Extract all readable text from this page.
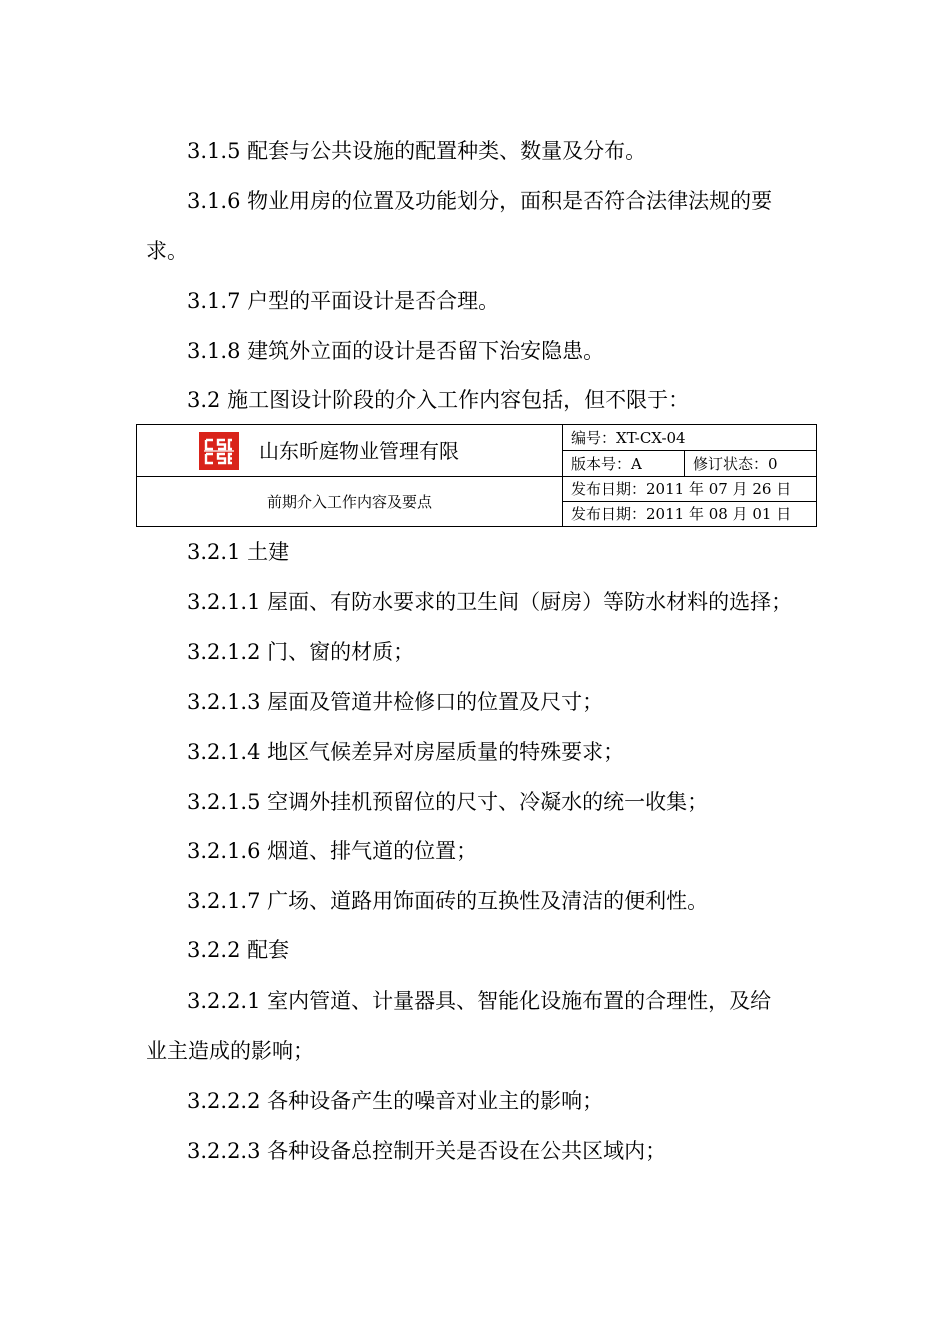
3.1.5 配套与公共设施的配置种类、数量及分布。
3.1.6 物业用房的位置及功能划分，面积是否符合法律法规的要
求。
3.1.7 户型的平面设计是否合理。
3.1.8 建筑外立面的设计是否留下治安隐患。
3.2 施工图设计阶段的介入工作内容包括，但不限于：
山东昕庭物业管理有限	编号：XT-CX-04	
	版本号：A	修订状态：0
前期介入工作内容及要点	发布日期：2011 年 07 月 26 日	
	发布日期：2011 年 08 月 01 日	
3.2.1 土建
3.2.1.1 屋面、有防水要求的卫生间（厨房）等防水材料的选择；
3.2.1.2 门、窗的材质；
3.2.1.3 屋面及管道井检修口的位置及尺寸；
3.2.1.4 地区气候差异对房屋质量的特殊要求；
3.2.1.5 空调外挂机预留位的尺寸、冷凝水的统一收集；
3.2.1.6 烟道、排气道的位置；
3.2.1.7 广场、道路用饰面砖的互换性及清洁的便利性。
3.2.2 配套
3.2.2.1 室内管道、计量器具、智能化设施布置的合理性，及给
业主造成的影响；
3.2.2.2 各种设备产生的噪音对业主的影响；
3.2.2.3 各种设备总控制开关是否设在公共区域内；
